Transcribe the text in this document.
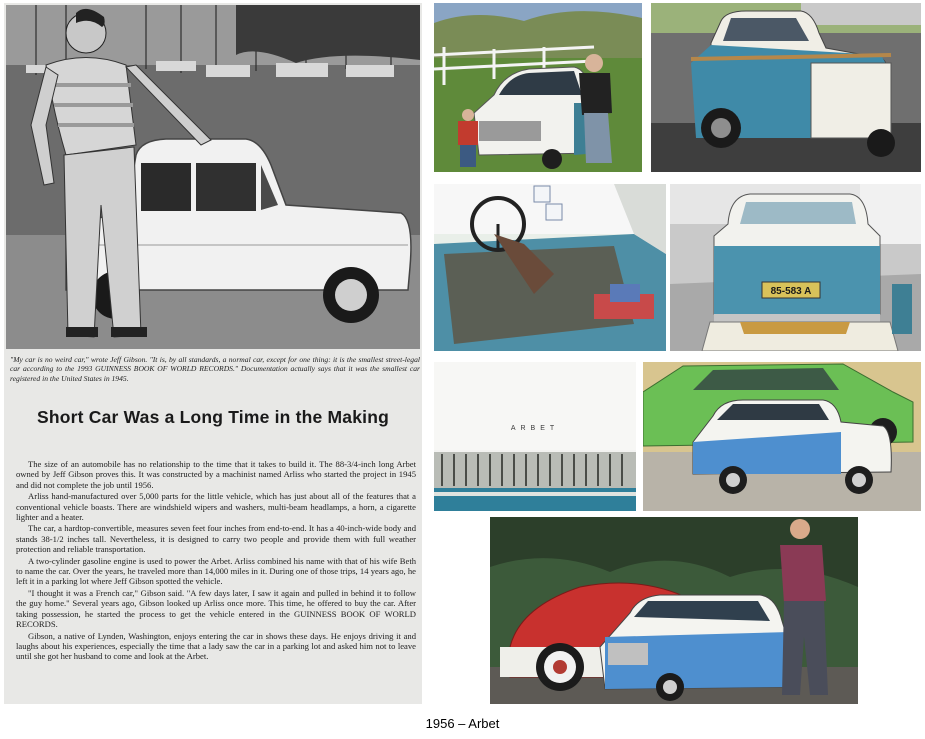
"My car is no weird car," wrote Jeff Gibson. "It is, by all standards, a normal car, except for one thing: it is the smallest street-legal car according to the 1993 GUINNESS BOOK OF WORLD RECORDS." Documentation actually says that it was the smallest car registered in the United States in 1945.
Short Car Was a Long Time in the Making

The size of an automobile has no relationship to the time that it takes to build it. The 88-3/4-inch long Arbet owned by Jeff Gibson proves this. It was constructed by a machinist named Arliss who started the project in 1945 and did not complete the job until 1956.

Arliss hand-manufactured over 5,000 parts for the little vehicle, which has just about all of the features that a conventional vehicle boasts. There are windshield wipers and washers, multi-beam headlamps, a horn, a cigarette lighter and a heater.

The car, a hardtop-convertible, measures seven feet four inches from end-to-end. It has a 40-inch-wide body and stands 38-1/2 inches tall. Nevertheless, it is designed to carry two people and provide them with full weather protection and reliable transportation.

A two-cylinder gasoline engine is used to power the Arbet. Arliss combined his name with that of his wife Beth to name the car. Over the years, he traveled more than 14,000 miles in it. During one of those trips, 14 years ago, he left it in a parking lot where Jeff Gibson spotted the vehicle.

"I thought it was a French car," Gibson said. "A few days later, I saw it again and pulled in behind it to follow the guy home." Several years ago, Gibson looked up Arliss once more. This time, he offered to buy the car. After taking possession, he started the process to get the vehicle entered in the GUINNESS BOOK OF WORLD RECORDS.

Gibson, a native of Lynden, Washington, enjoys entering the car in shows these days. He enjoys driving it and laughs about his experiences, especially the time that a lady saw the car in a parking lot and asked him not to leave until she got her husband to come and look at the Arbet.

85-583 A
ARBET
1956 – Arbet
